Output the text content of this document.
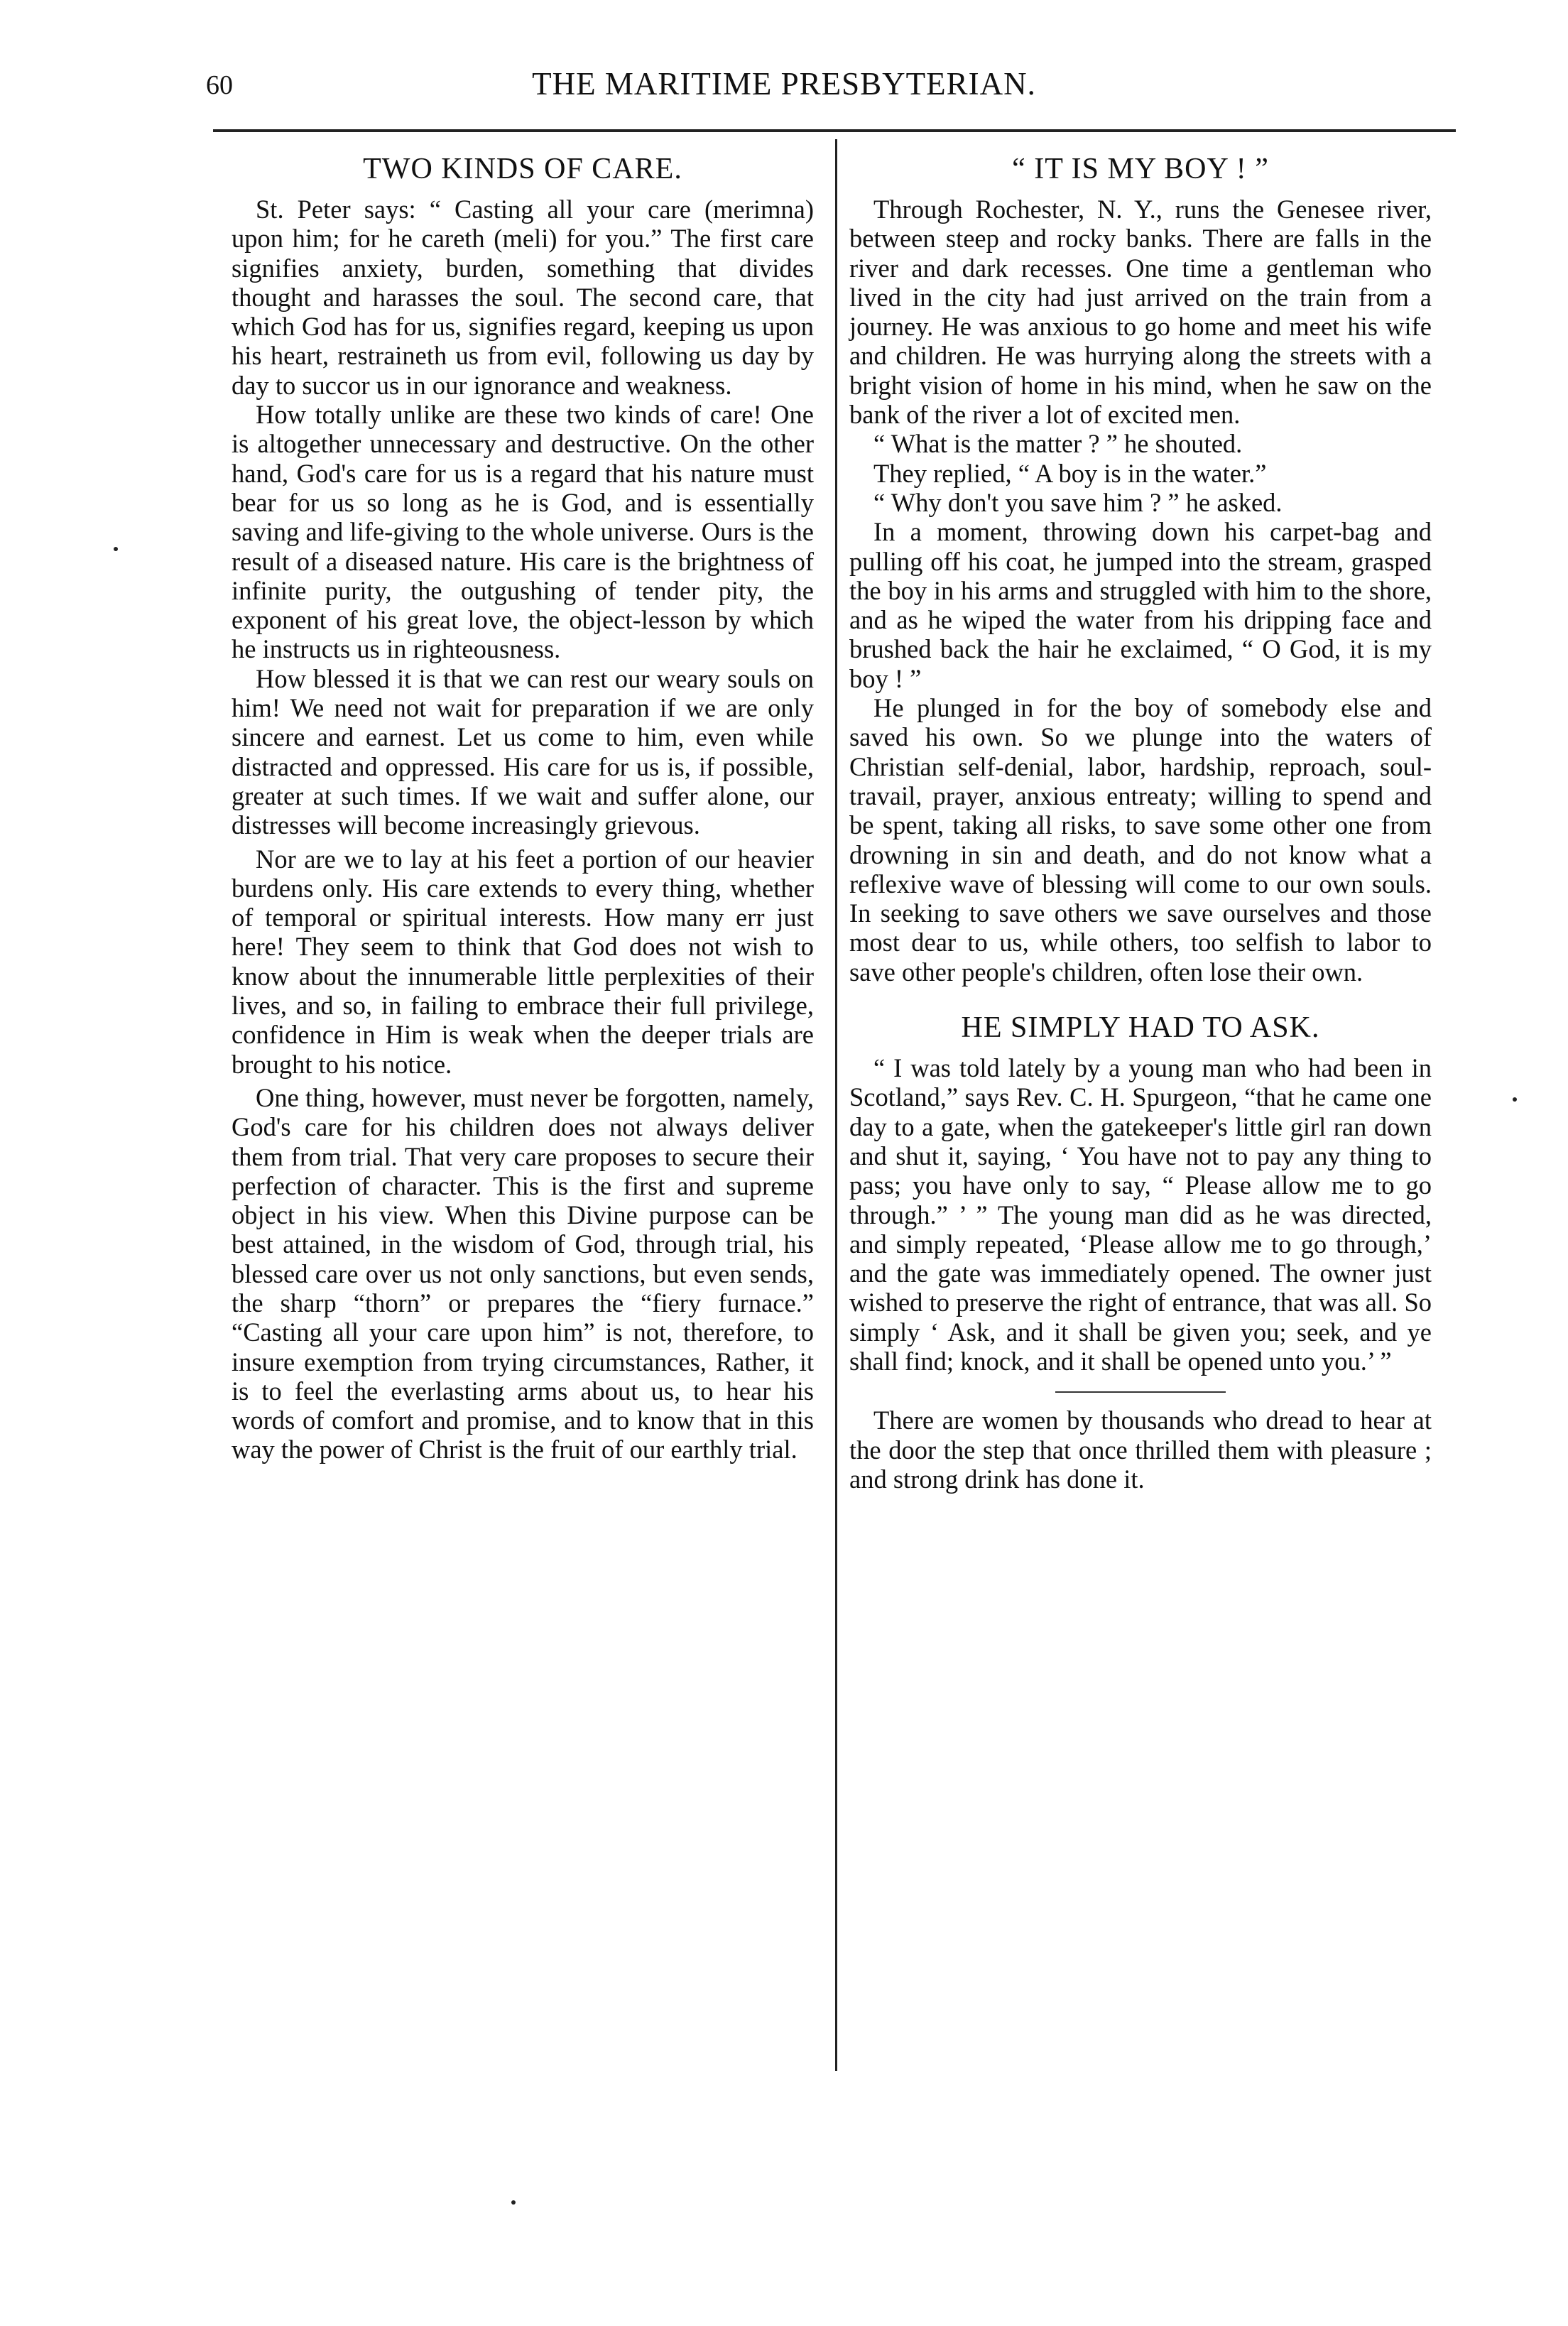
60	THE MARITIME PRESBYTERIAN.
TWO KINDS OF CARE.

St. Peter says: “ Casting all your care (merimna) upon him; for he careth (meli) for you.” The first care signifies anxiety, burden, something that divides thought and harasses the soul. The second care, that which God has for us, signifies regard, keeping us upon his heart, restraineth us from evil, following us day by day to succor us in our ignorance and weakness.

How totally unlike are these two kinds of care! One is altogether unnecessary and destructive. On the other hand, God's care for us is a regard that his nature must bear for us so long as he is God, and is essentially saving and life-giving to the whole universe. Ours is the result of a diseased nature. His care is the brightness of infinite purity, the outgushing of tender pity, the exponent of his great love, the object-lesson by which he instructs us in righteousness.

How blessed it is that we can rest our weary souls on him! We need not wait for preparation if we are only sincere and earnest. Let us come to him, even while distracted and oppressed. His care for us is, if possible, greater at such times. If we wait and suffer alone, our distresses will become increasingly grievous.

Nor are we to lay at his feet a portion of our heavier burdens only. His care extends to every thing, whether of temporal or spiritual interests. How many err just here! They seem to think that God does not wish to know about the innumerable little perplexities of their lives, and so, in failing to embrace their full privilege, confidence in Him is weak when the deeper trials are brought to his notice.

One thing, however, must never be forgotten, namely, God's care for his children does not always deliver them from trial. That very care proposes to secure their perfection of character. This is the first and supreme object in his view. When this Divine purpose can be best attained, in the wisdom of God, through trial, his blessed care over us not only sanctions, but even sends, the sharp “thorn” or prepares the “fiery furnace.” “Casting all your care upon him” is not, therefore, to insure exemption from trying circumstances, Rather, it is to feel the everlasting arms about us, to hear his words of comfort and promise, and to know that in this way the power of Christ is the fruit of our earthly trial.

“ IT IS MY BOY ! ”

Through Rochester, N. Y., runs the Genesee river, between steep and rocky banks. There are falls in the river and dark recesses. One time a gentleman who lived in the city had just arrived on the train from a journey. He was anxious to go home and meet his wife and children. He was hurrying along the streets with a bright vision of home in his mind, when he saw on the bank of the river a lot of excited men.

“ What is the matter ? ” he shouted.

They replied, “ A boy is in the water.”

“ Why don't you save him ? ” he asked.

In a moment, throwing down his carpet-bag and pulling off his coat, he jumped into the stream, grasped the boy in his arms and struggled with him to the shore, and as he wiped the water from his dripping face and brushed back the hair he exclaimed, “ O God, it is my boy ! ”

He plunged in for the boy of somebody else and saved his own. So we plunge into the waters of Christian self-denial, labor, hardship, reproach, soul-travail, prayer, anxious entreaty; willing to spend and be spent, taking all risks, to save some other one from drowning in sin and death, and do not know what a reflexive wave of blessing will come to our own souls. In seeking to save others we save ourselves and those most dear to us, while others, too selfish to labor to save other people's children, often lose their own.

HE SIMPLY HAD TO ASK.

“ I was told lately by a young man who had been in Scotland,” says Rev. C. H. Spurgeon, “that he came one day to a gate, when the gatekeeper's little girl ran down and shut it, saying, ‘ You have not to pay any thing to pass; you have only to say, “ Please allow me to go through.” ’ ” The young man did as he was directed, and simply repeated, ‘Please allow me to go through,’ and the gate was immediately opened. The owner just wished to preserve the right of entrance, that was all. So simply ‘ Ask, and it shall be given you; seek, and ye shall find; knock, and it shall be opened unto you.’ ”

There are women by thousands who dread to hear at the door the step that once thrilled them with pleasure ; and strong drink has done it.
